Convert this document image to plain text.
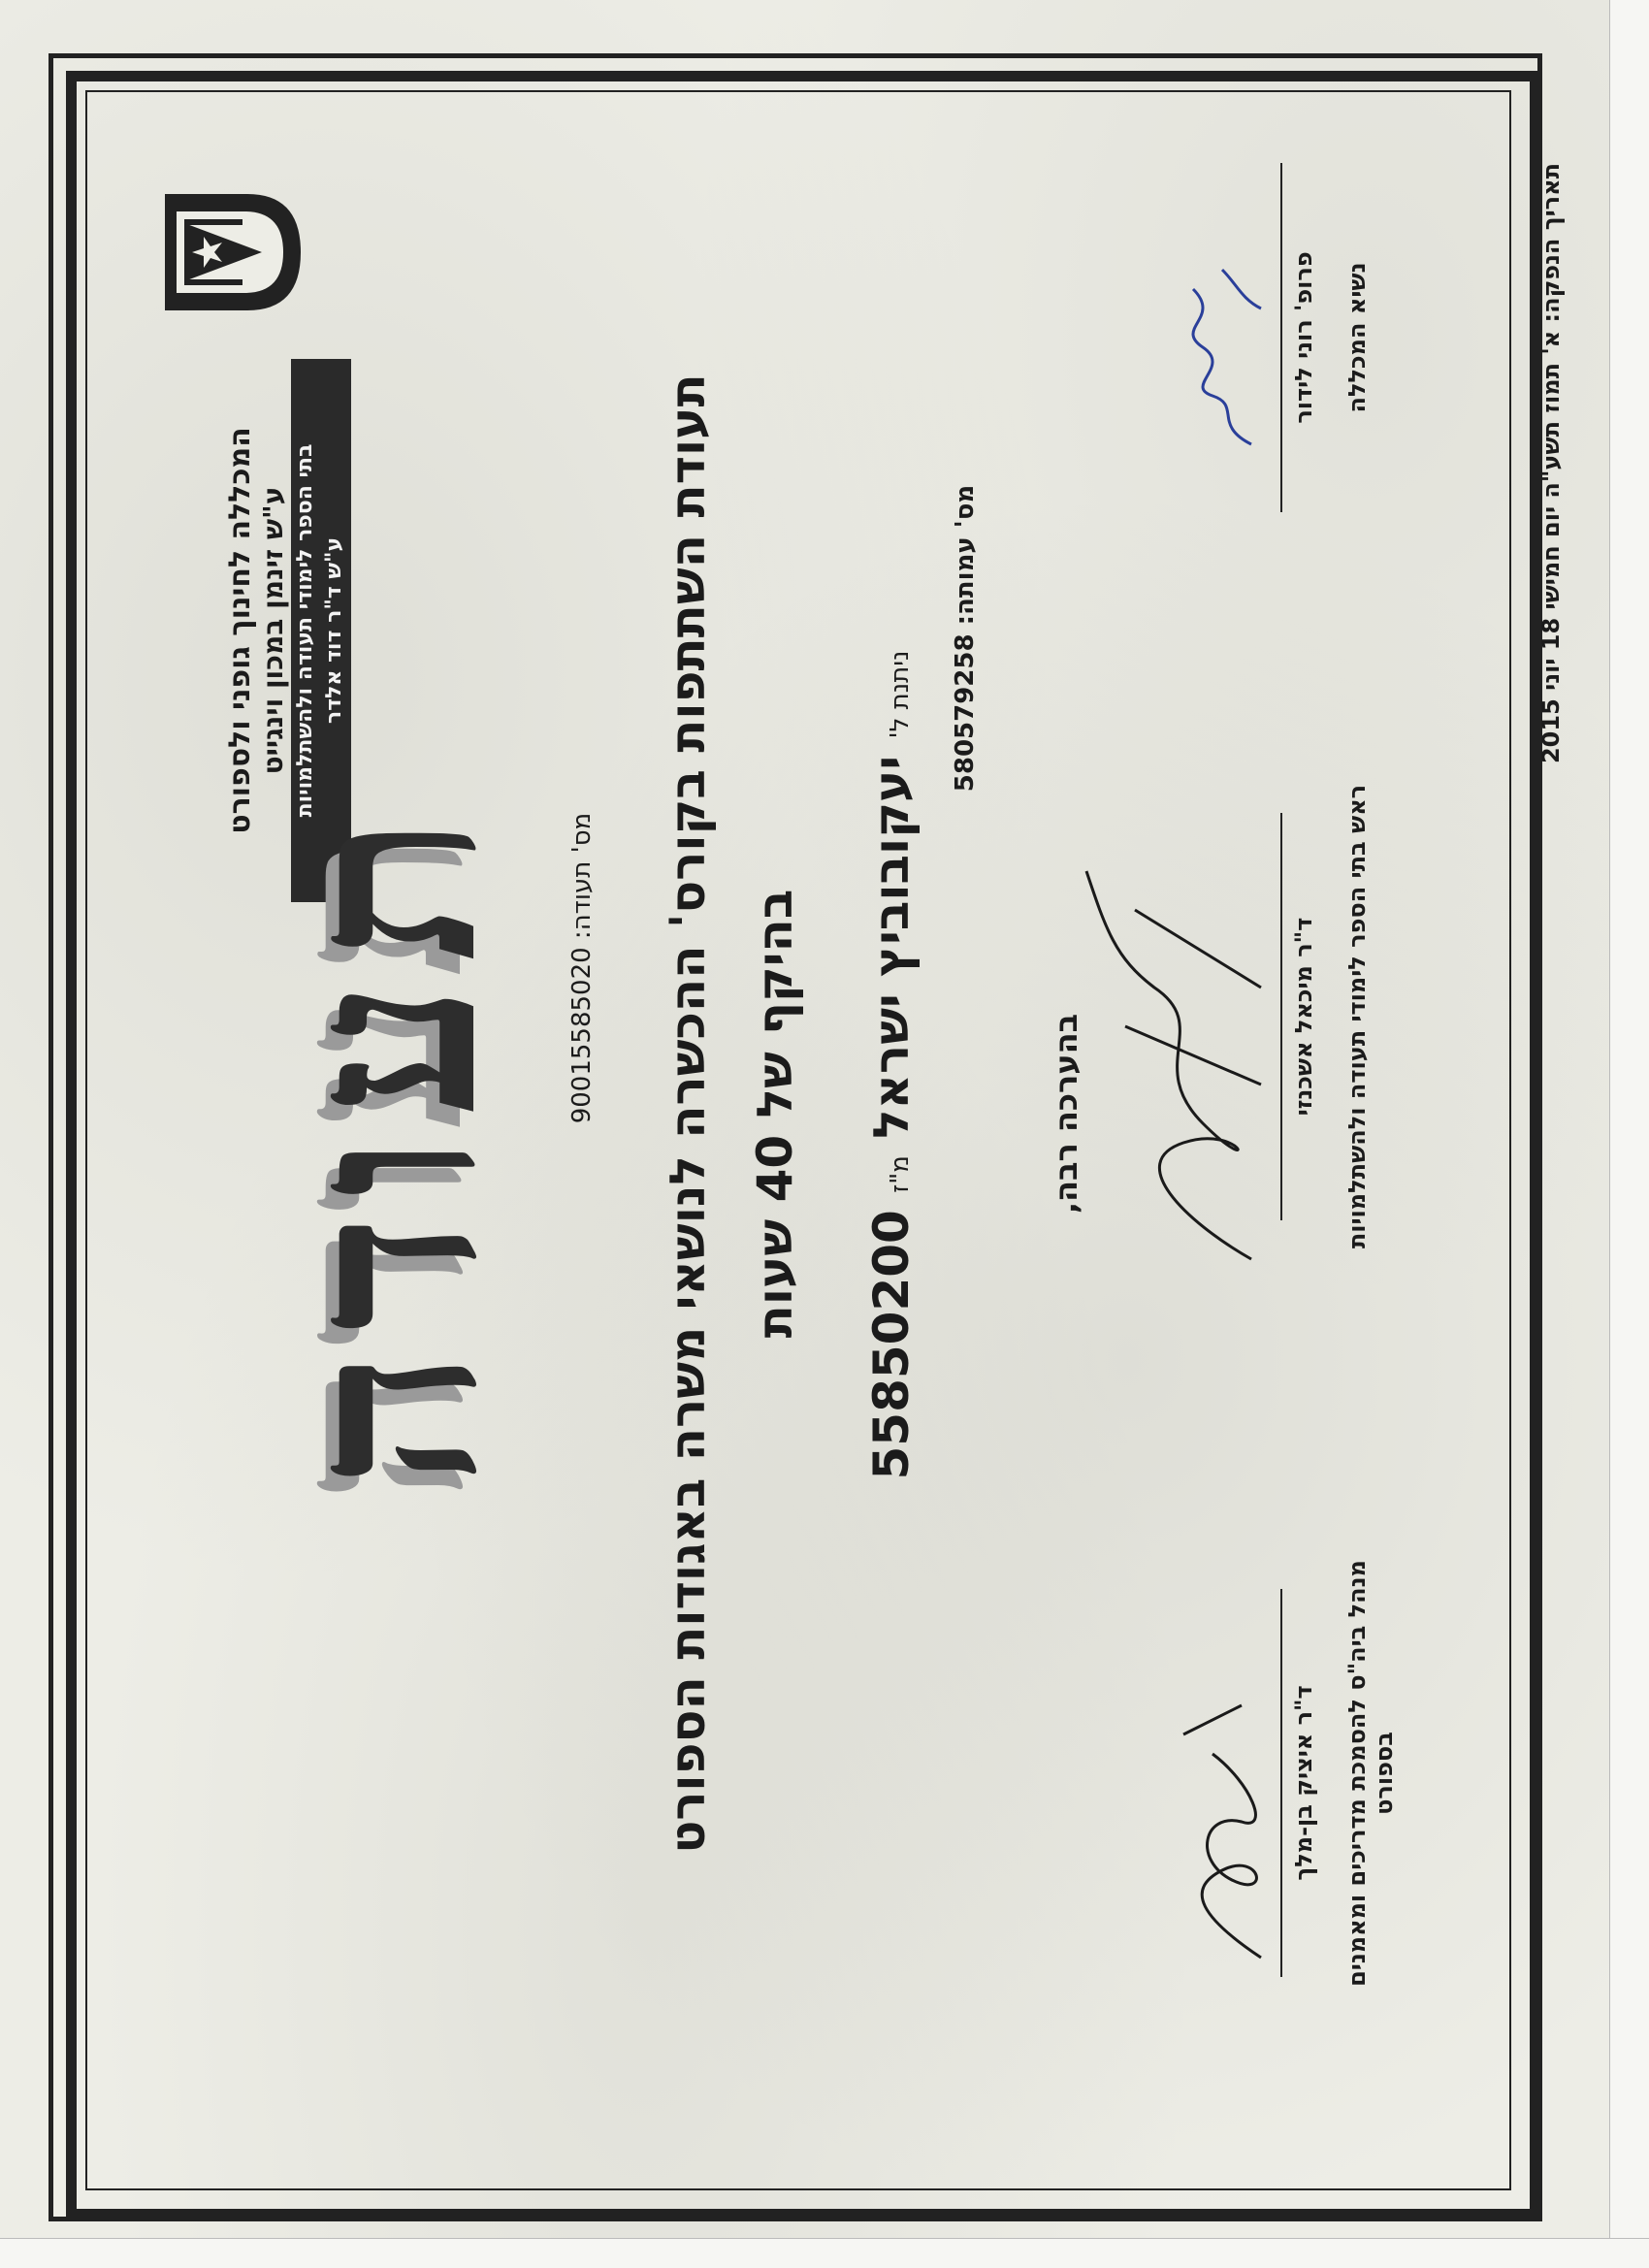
המכללה לחינוך גופני ולספורט ע"ש זינמן במכון וינגייט בתי הספר לימודי תעודה ולהשתלמויות ע"ש ד"ר דוד אלדר
תעודה מס' תעודה: 90015585020 תעודת השתתפות בקורס' ההכשרה לנושאי משרה באגודות הספורט בהיקף של 40 שעות
ניתנת ל' יעקובוביץ ישראל מ"ז 55850200
מס' עמותה: 580579258
בהערכה רבה,
ד"ר איציק בן-מלך מנהל ביה"ס להסמכת מדריכים ומאמנים בספורט
ד"ר מיכאל אשכנזי ראש בתי הספר לימודי תעודה ולהשתלמויות
פרופ' רוני לידור נשיא המכללה
תאריך הנפקה: א' תמוז תשע"ה יום חמישי 18 יוני 2015
